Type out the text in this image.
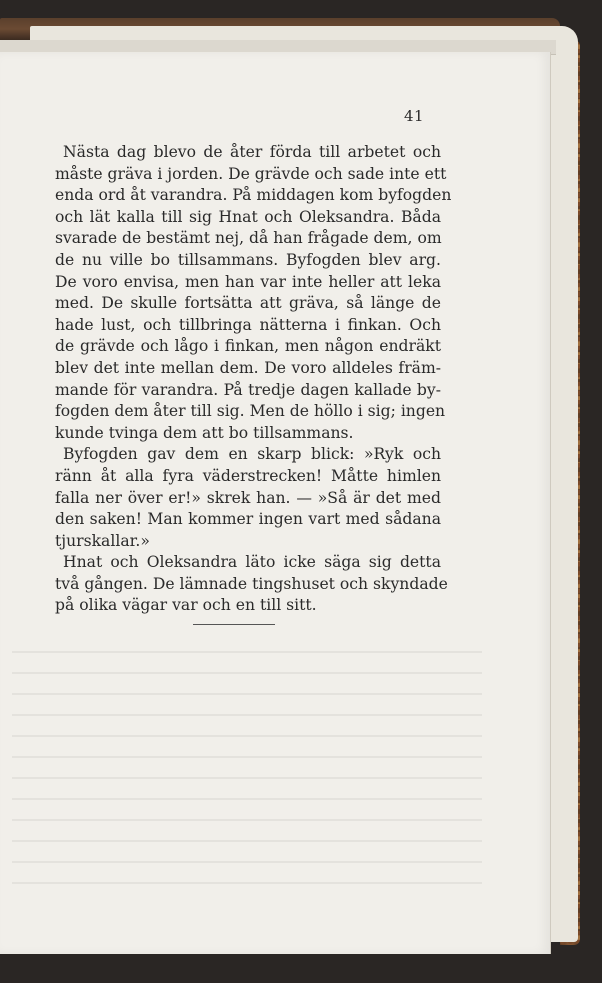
41

Nästa dag blevo de åter förda till arbetet och
måste gräva i jorden. De grävde och sade inte ett
enda ord åt varandra. På middagen kom byfogden
och lät kalla till sig Hnat och Oleksandra. Båda
svarade de bestämt nej, då han frågade dem, om
de nu ville bo tillsammans. Byfogden blev arg.
De voro envisa, men han var inte heller att leka
med. De skulle fortsätta att gräva, så länge de
hade lust, och tillbringa nätterna i finkan. Och
de grävde och lågo i finkan, men någon endräkt
blev det inte mellan dem. De voro alldeles främ-
mande för varandra. På tredje dagen kallade by-
fogden dem åter till sig. Men de höllo i sig; ingen
kunde tvinga dem att bo tillsammans.

Byfogden gav dem en skarp blick: »Ryk och
ränn åt alla fyra väderstrecken! Måtte himlen
falla ner över er!» skrek han. — »Så är det med
den saken! Man kommer ingen vart med sådana
tjurskallar.»

Hnat och Oleksandra läto icke säga sig detta
två gången. De lämnade tingshuset och skyndade
på olika vägar var och en till sitt.
